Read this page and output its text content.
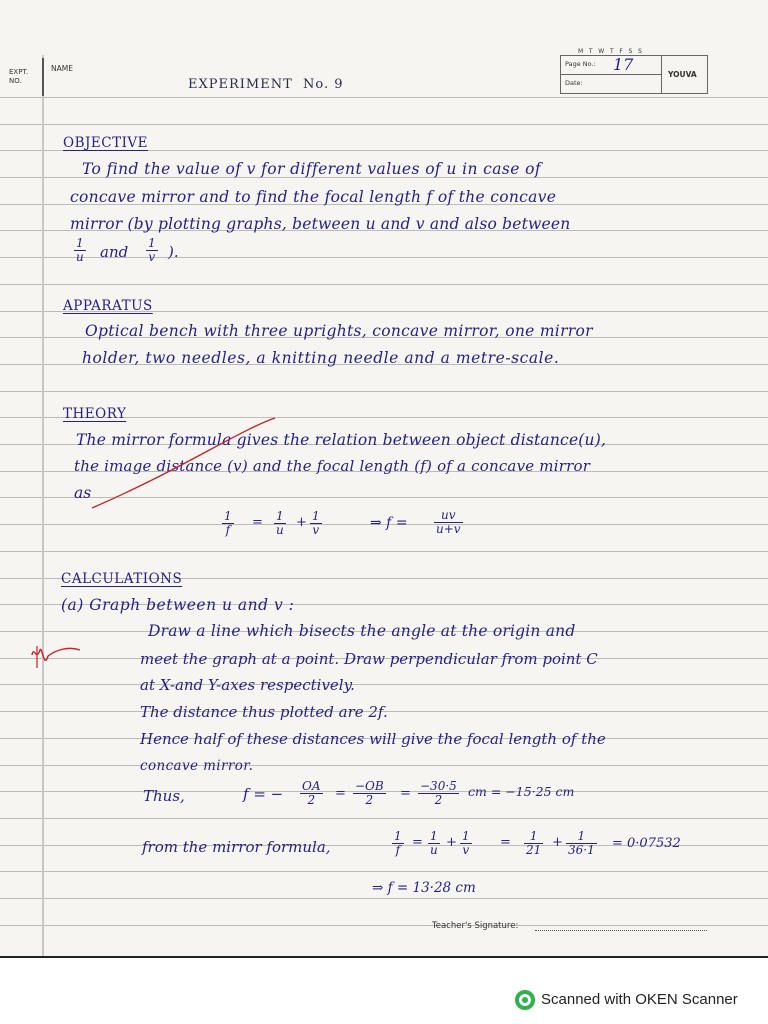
EXPT. NO.
NAME
M   T   W   T   F   S   S
Page No.: 17
Date:
YOUVA
EXPERIMENT  No. 9
OBJECTIVE
To find the value of v for different values of u in case of
concave mirror and to find the focal length f of the concave
mirror (by plotting graphs, between u and v and also between
1
u and 1
v ).
APPARATUS
Optical bench with three uprights, concave mirror, one mirror
holder, two needles, a knitting needle and a metre-scale.
THEORY
The mirror formula gives the relation between object distance(u),
the image distance (v) and the focal length (f) of a concave mirror
as
1
f = 1
u + 1
v	⇒ f =	uv
u+v
CALCULATIONS
(a) Graph between u and v :
Draw a line which bisects the angle at the origin and
meet the graph at a point. Draw perpendicular from point C
at X-and Y-axes respectively.
The distance thus plotted are 2f.
Hence half of these distances will give the focal length of the
concave mirror.
Thus,	f = − OA
2 = −OB
2 = −30·5
2
cm = −15·25 cm
from the mirror formula,
1
f = 1
u + 1
v = 1
21 + 1
36·1 = 0·07532
⇒ f = 13·28 cm
Teacher's Signature:
Scanned with OKEN Scanner
